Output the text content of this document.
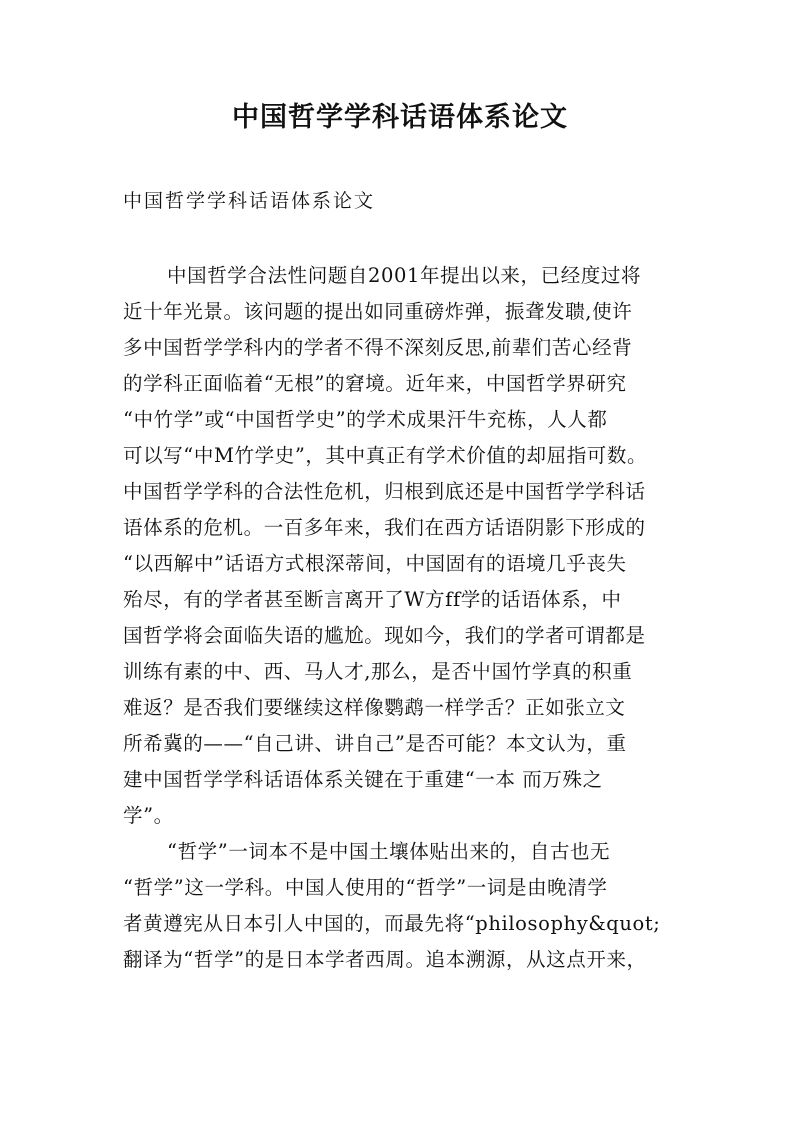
中国哲学学科话语体系论文

中国哲学学科话语体系论文

中国哲学合法性问题自2001年提出以来，已经度过将
近十年光景。该问题的提出如同重磅炸弹，振聋发聩,使许
多中国哲学学科内的学者不得不深刻反思,前辈们苦心经背
的学科正面临着“无根”的窘境。近年来，中国哲学界研究
“中竹学”或“中国哲学史”的学术成果汗牛充栋，人人都
可以写“中M竹学史”，其中真正有学术价值的却屈指可数。
中国哲学学科的合法性危机，归根到底还是中国哲学学科话
语体系的危机。一百多年来，我们在西方话语阴影下形成的
“以西解中”话语方式根深蒂间，中国固有的语境几乎丧失
殆尽，有的学者甚至断言离开了W方ff学的话语体系，中
国哲学将会面临失语的尴尬。现如今，我们的学者可谓都是
训练有素的中、西、马人才,那么，是否屮国竹学真的积重
难返？是否我们要继续这样像鹦鹉一样学舌？正如张立文
所希冀的——“自己讲、讲自己”是否可能？本文认为，重
建中国哲学学科话语体系关键在于重建“一本 而万殊之
学”。
“哲学”一词本不是中国土壤体贴出来的，自古也无
“哲学”这一学科。中国人使用的“哲学”一词是由晚清学
者黄遵宪从日本引人中国的，而最先将“philosophy&quot;
翻译为“哲学”的是日本学者西周。追本溯源，从这点开来，
